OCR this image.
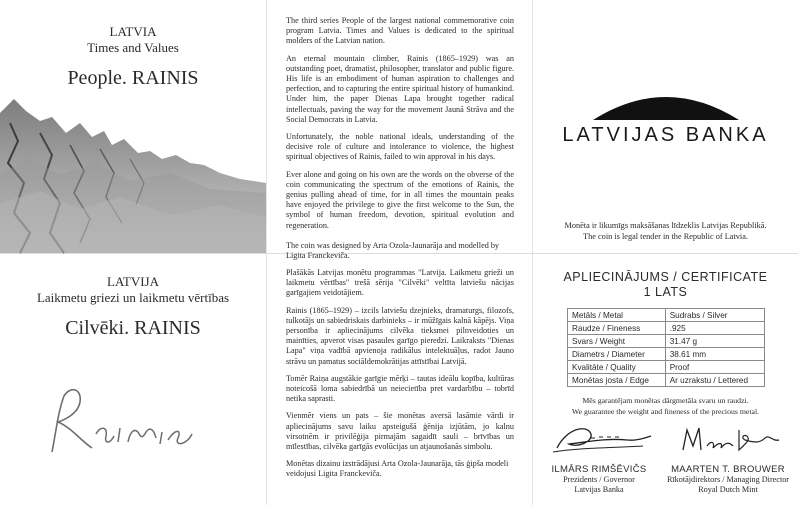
LATVIA
Times and Values
People. RAINIS

The third series People of the largest national commemorative coin program Latvia. Times and Values is dedicated to the spiritual molders of the Latvian nation.

An eternal mountain climber, Rainis (1865–1929) was an outstanding poet, dramatist, philosopher, translator and public figure. His life is an embodiment of human aspiration to challenges and perfection, and to capturing the entire spiritual history of humankind. Under him, the paper Dienas Lapa brought together radical intellectuals, paving the way for the movement Jaunā Strāva and the Social Democrats in Latvia.

Unfortunately, the noble national ideals, understanding of the decisive role of culture and intolerance to violence, the highest spiritual objectives of Rainis, failed to win approval in his days.

Ever alone and going on his own are the words on the obverse of the coin communicating the spectrum of the emotions of Rainis, the genius pulling ahead of time, for in all times the mountain peaks have enjoyed the privilege to give the first welcome to the Sun, the symbol of human freedom, devotion, spiritual evolution and regeneration.

The coin was designed by Arta Ozola-Jaunarāja and modelled by Ligita Franckeviča.

LATVIJAS BANKA
Monēta ir likumīgs maksāšanas līdzeklis Latvijas Republikā.
The coin is legal tender in the Republic of Latvia.
LATVIJA
Laikmetu griezi un laikmetu vērtības
Cilvēki. RAINIS

Plašākās Latvijas monētu programmas "Latvija. Laikmetu grieži un laikmetu vērtības" trešā sērija "Cilvēki" veltīta latviešu nācijas garīgajiem veidotājiem.

Rainis (1865–1929) – izcils latviešu dzejnieks, dramaturgs, filozofs, tulkotājs un sabiedriskais darbinieks – ir mūžīgais kalnā kāpējs. Viņa personība ir apliecinājums cilvēka tieksmei pilnveidoties un mainīties, apverot visas pasaules garīgo pieredzi. Laikraksts "Dienas Lapa" viņa vadībā apvienoja radikālus intelektuāļus, radot Jauno strāvu un pamatus sociāldemokrātijas attīstībai Latvijā.

Tomēr Raiņa augstākie garīgie mērķi – tautas ideālu kopība, kultūras noteicošā loma sabiedrībā un neiecietība pret vardarbību – tobrīd netika saprasti.

Vienmēr viens un pats – šie monētas aversā lasāmie vārdi ir apliecinājums savu laiku apsteigušā ģēnija izjūtām, jo kalnu virsotnēm ir privilēģija pirmajām sagaidīt sauli – brīvības un mīlestības, cilvēka garīgās evolūcijas un atjaunošanās simbolu.

Monētas dizainu izstrādājusi Arta Ozola-Jaunarāja, tās ģipša modeli veidojusi Ligita Franckeviča.

APLIECINĀJUMS / CERTIFICATE
1 LATS
Metāls / Metal	Sudrabs / Silver
Raudze / Fineness	.925
Svars / Weight	31.47 g
Diametrs / Diameter	38.61 mm
Kvalitāte / Quality	Proof
Monētas josta / Edge	Ar uzrakstu / Lettered
Mēs garantējam monētas dārgmetāla svaru un raudzi.
We guarantee the weight and fineness of the precious metal.
ILMĀRS RIMŠĒVIČS
Prezidents / Governor
Latvijas Banka
MAARTEN T. BROUWER
Rīkotājdirektors / Managing Director
Royal Dutch Mint
